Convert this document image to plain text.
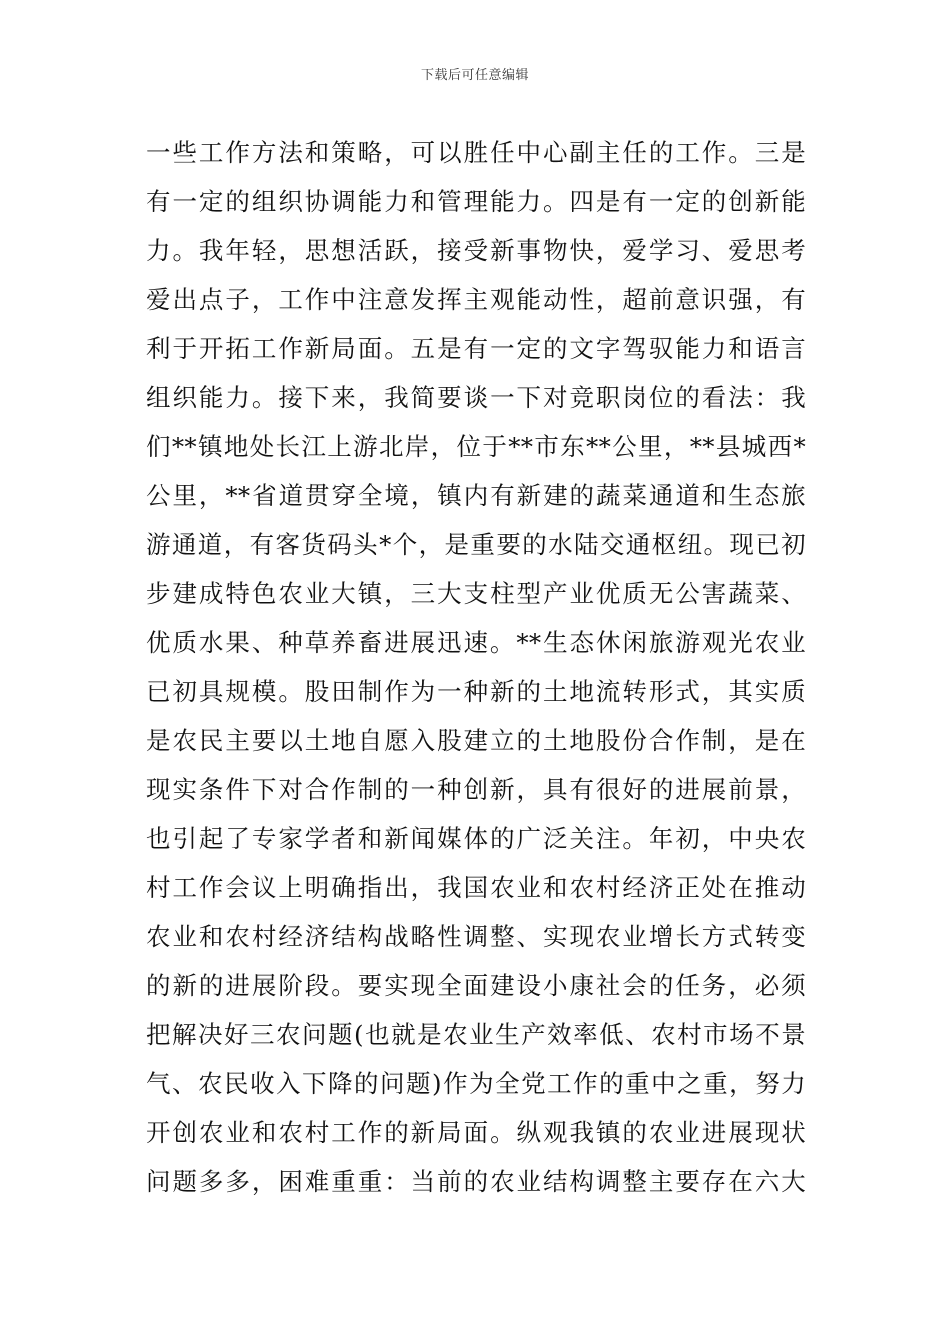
下载后可任意编辑
一些工作方法和策略，可以胜任中心副主任的工作。三是
有一定的组织协调能力和管理能力。四是有一定的创新能
力。我年轻，思想活跃，接受新事物快，爱学习、爱思考
爱出点子，工作中注意发挥主观能动性，超前意识强，有
利于开拓工作新局面。五是有一定的文字驾驭能力和语言
组织能力。接下来，我简要谈一下对竞职岗位的看法：我
们**镇地处长江上游北岸，位于**市东**公里，**县城西*
公里，**省道贯穿全境，镇内有新建的蔬菜通道和生态旅
游通道，有客货码头*个，是重要的水陆交通枢纽。现已初
步建成特色农业大镇，三大支柱型产业优质无公害蔬菜、
优质水果、种草养畜进展迅速。**生态休闲旅游观光农业
已初具规模。股田制作为一种新的土地流转形式，其实质
是农民主要以土地自愿入股建立的土地股份合作制，是在
现实条件下对合作制的一种创新，具有很好的进展前景，
也引起了专家学者和新闻媒体的广泛关注。年初，中央农
村工作会议上明确指出，我国农业和农村经济正处在推动
农业和农村经济结构战略性调整、实现农业增长方式转变
的新的进展阶段。要实现全面建设小康社会的任务，必须
把解决好三农问题(也就是农业生产效率低、农村市场不景
气、农民收入下降的问题)作为全党工作的重中之重，努力
开创农业和农村工作的新局面。纵观我镇的农业进展现状
问题多多，困难重重：当前的农业结构调整主要存在六大
